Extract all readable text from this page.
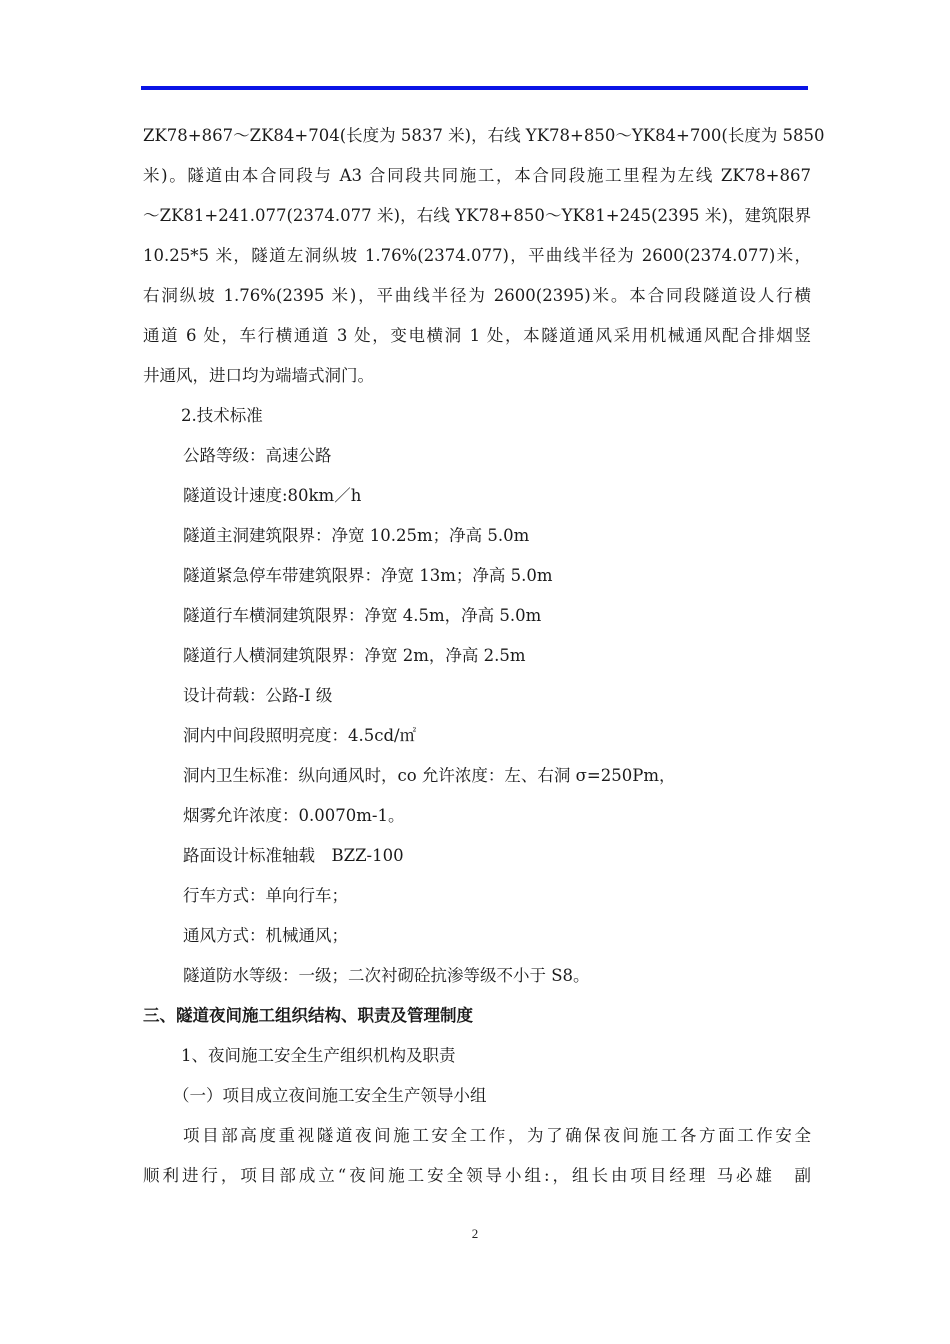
ZK78+867～ZK84+704(长度为 5837 米)，右线 YK78+850～YK84+700(长度为 5850
米)。隧道由本合同段与 A3 合同段共同施工，本合同段施工里程为左线 ZK78+867
～ZK81+241.077(2374.077 米)，右线 YK78+850～YK81+245(2395 米)，建筑限界
10.25*5 米，隧道左洞纵坡 1.76%(2374.077)，平曲线半径为 2600(2374.077)米，
右洞纵坡 1.76%(2395 米)，平曲线半径为 2600(2395)米。本合同段隧道设人行横
通道 6 处，车行横通道 3 处，变电横洞 1 处，本隧道通风采用机械通风配合排烟竖
井通风，进口均为端墙式洞门。
2.技术标准
公路等级：高速公路
隧道设计速度:80km／h
隧道主洞建筑限界：净宽 10.25m；净高 5.0m
隧道紧急停车带建筑限界：净宽 13m；净高 5.0m
隧道行车横洞建筑限界：净宽 4.5m，净高 5.0m
隧道行人横洞建筑限界：净宽 2m，净高 2.5m
设计荷载：公路-Ⅰ 级
洞内中间段照明亮度：4.5cd/㎡
洞内卫生标准：纵向通风时，co 允许浓度：左、右洞 σ=250Pm，
烟雾允许浓度：0.0070m-1。
路面设计标准轴载　BZZ-100
行车方式：单向行车；
通风方式：机械通风；
隧道防水等级：一级；二次衬砌砼抗渗等级不小于 S8。
三、隧道夜间施工组织结构、职责及管理制度
1、夜间施工安全生产组织机构及职责
（一）项目成立夜间施工安全生产领导小组
项目部高度重视隧道夜间施工安全工作，为了确保夜间施工各方面工作安全
顺利进行，项目部成立“夜间施工安全领导小组:，组长由项目经理 马必雄　副
2
